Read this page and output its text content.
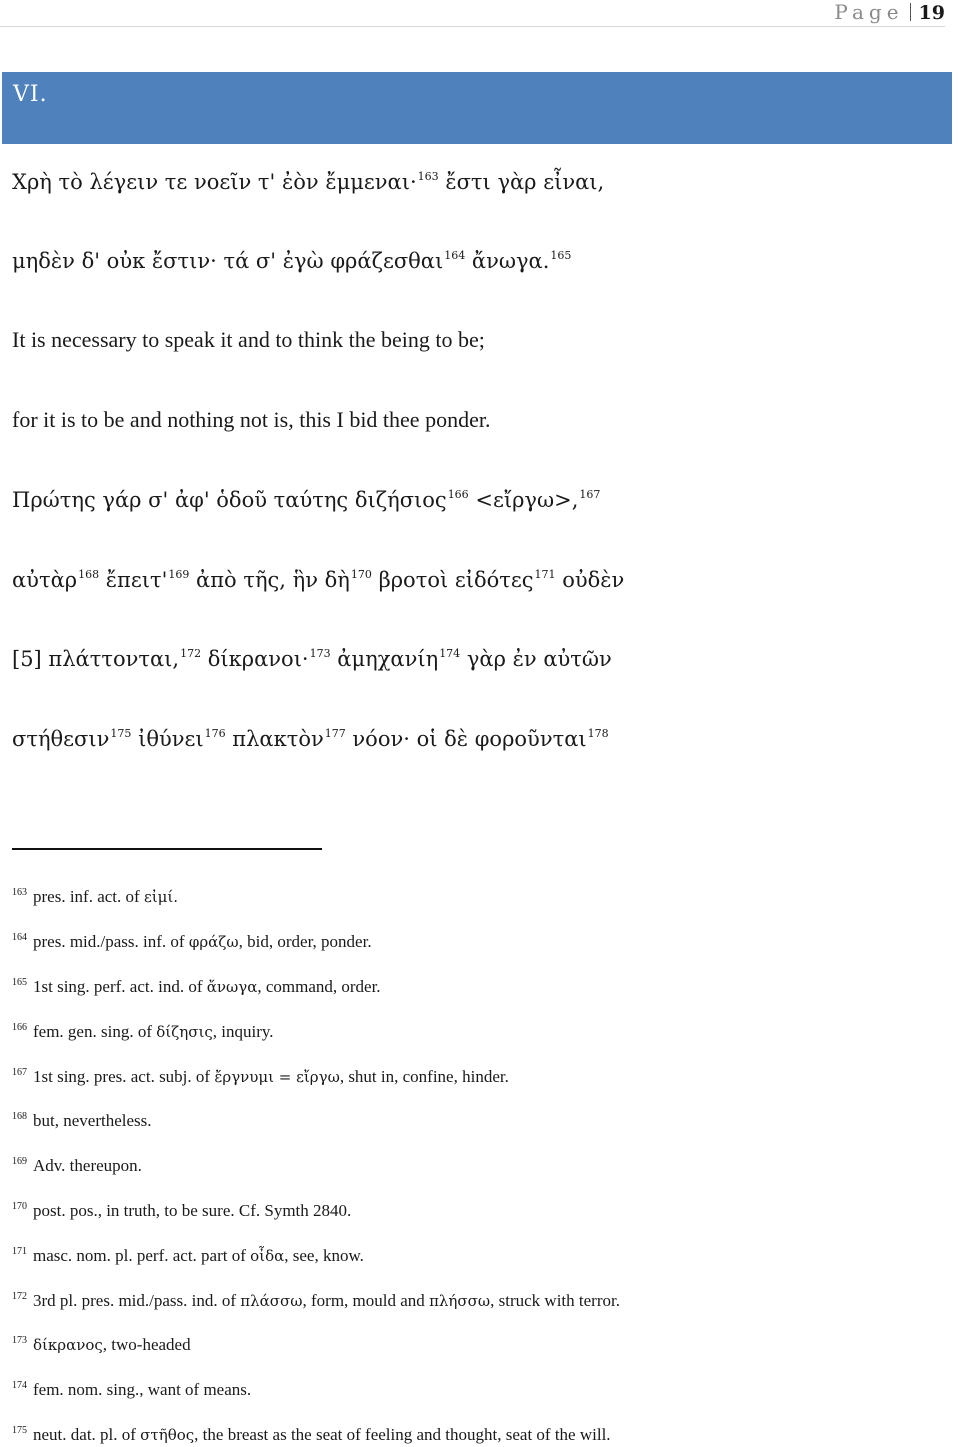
Page 19
VI.
Χρὴ τὸ λέγειν τε νοεῖν τ' ἐὸν ἔμμεναι·$^{163}$ ἔστι γὰρ εἶναι,
μηδὲν δ' οὐκ ἔστιν· τά σ' ἐγὼ φράζεσθαι$^{164}$ ἄνωγα.$^{165}$
It is necessary to speak it and to think the being to be;
for it is to be and nothing not is, this I bid thee ponder.
Πρώτης γάρ σ' ἀφ' ὁδοῦ ταύτης διζήσιος$^{166}$ <εἴργω>,$^{167}$
αὐτὰρ$^{168}$ $ἔ\pi\varepsilon\iota\tau'^{169}$ ἀπὸ τῆς, ἣν δὴ$^{170}$ βροτοὶ εἰδότες$^{171}$ οὐδὲν
[5] πλάττονται,$^{172}$ δίκρανοι·$^{173}$ ἀμηχανίη$^{174}$ γὰρ ἐν αὐτῶν
στήθεσιν$^{175}$ ἰθύνει$^{176}$ πλακτὸν$^{177}$ νόον· οἱ δὲ φοροῦνται$^{178}$
$^{163}$ pres. inf. act. of εἰμί.
$^{164}$ pres. mid./pass. inf. of φράζω, bid, order, ponder.
$^{165}$ 1st sing. perf. act. ind. of ἄνωγα, command, order.
$^{166}$ fem. gen. sing. of δίζησις, inquiry.
$^{167}$ 1st sing. pres. act. subj. of ἔργνυμι = εἴργω, shut in, confine, hinder.
$^{168}$ but, nevertheless.
$^{169}$ Adv. thereupon.
$^{170}$ post. pos., in truth, to be sure. Cf. Symth 2840.
$^{171}$ masc. nom. pl. perf. act. part of οἶδα, see, know.
$^{172}$ 3rd pl. pres. mid./pass. ind. of πλάσσω, form, mould and πλήσσω, struck with terror.
$^{173}$ δίκρανος, two-headed
$^{174}$ fem. nom. sing., want of means.
$^{175}$ neut. dat. pl. of στῆθος, the breast as the seat of feeling and thought, seat of the will.
